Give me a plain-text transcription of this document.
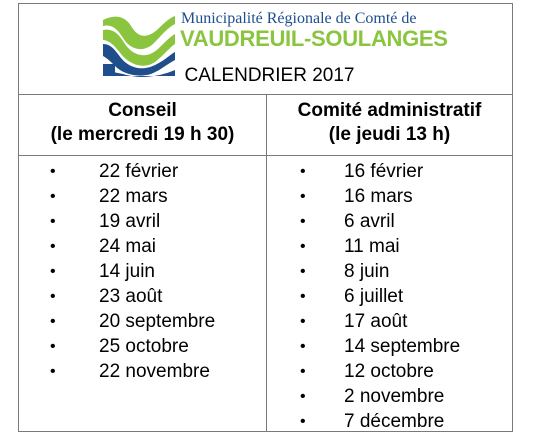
Municipalité Régionale de Comté de
VAUDREUIL-SOULANGES
CALENDRIER 2017
Conseil
(le mercredi 19 h 30)
Comité administratif
(le jeudi 13 h)
• 22 février
• 22 mars
• 19 avril
• 24 mai
• 14 juin
• 23 août
• 20 septembre
• 25 octobre
• 22 novembre
• 16 février
• 16 mars
• 6 avril
• 11 mai
• 8 juin
• 6 juillet
• 17 août
• 14 septembre
• 12 octobre
• 2 novembre
• 7 décembre
